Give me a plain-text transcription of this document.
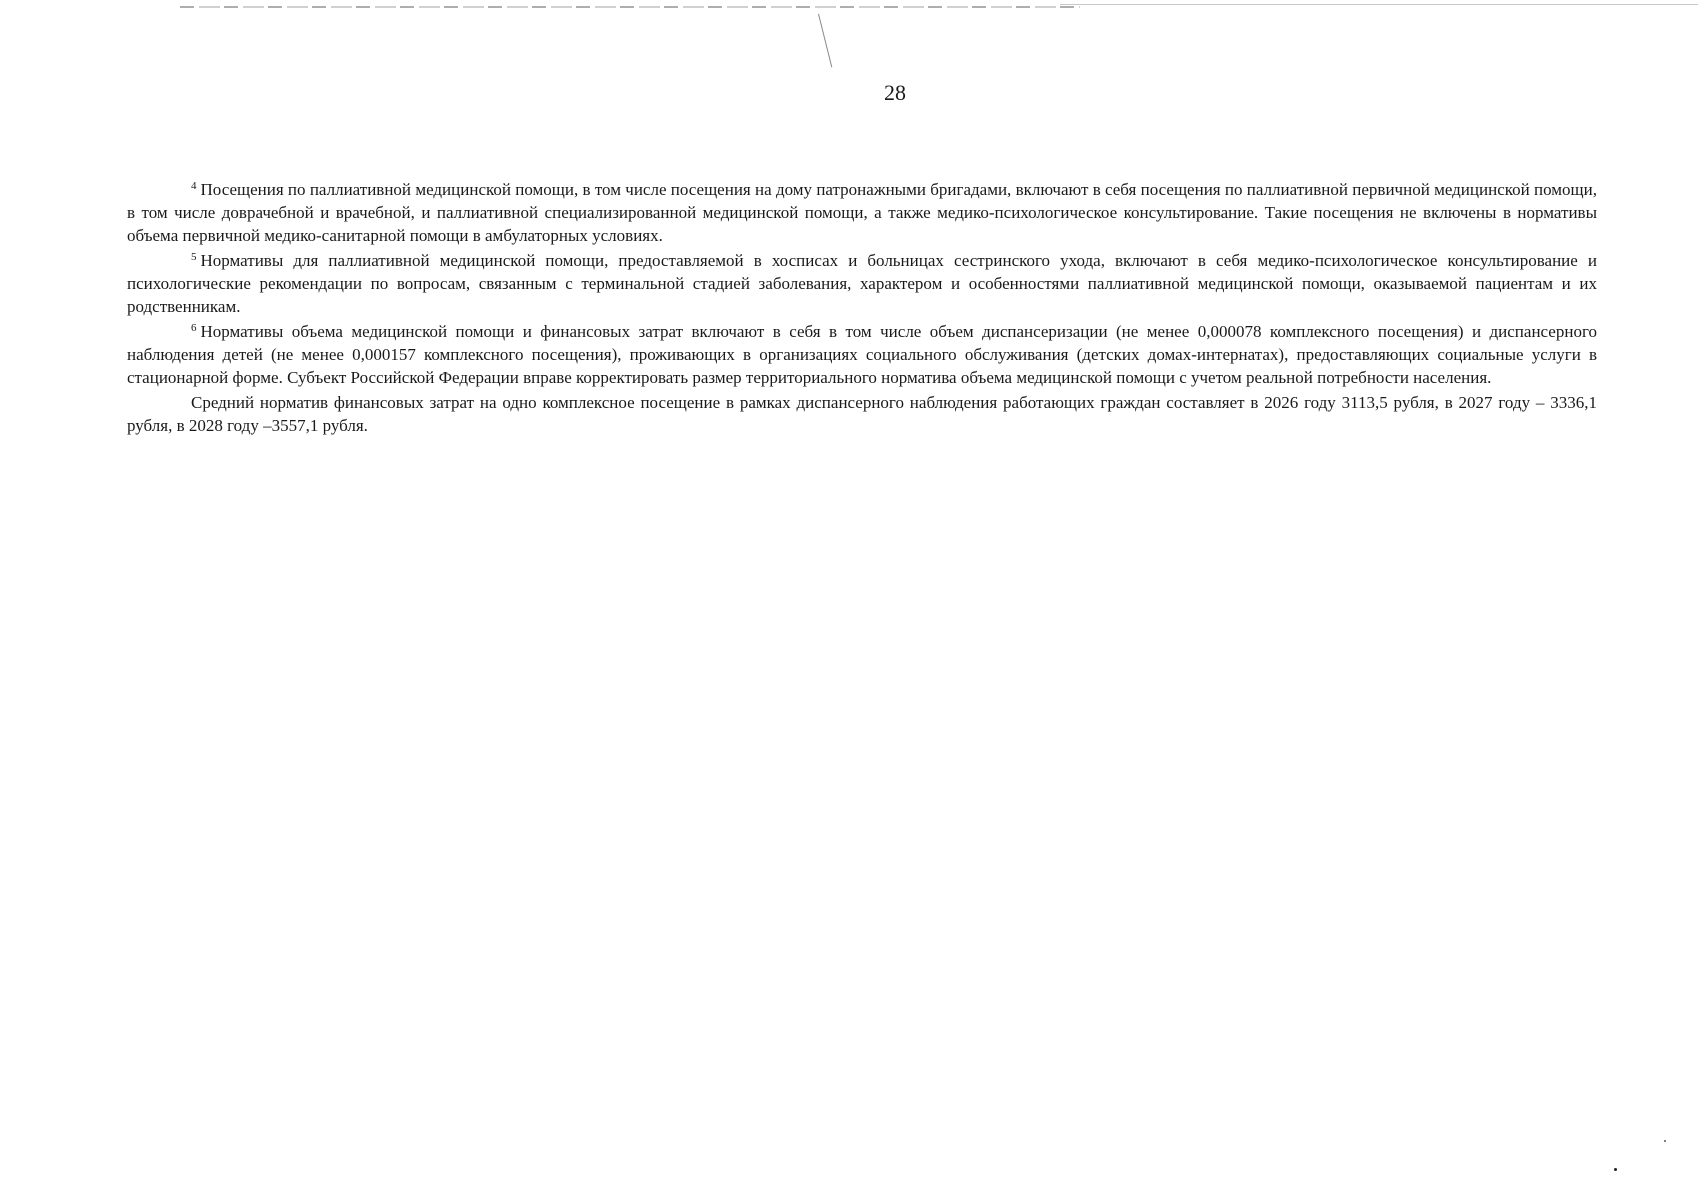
28

$^4$ Посещения по паллиативной медицинской помощи, в том числе посещения на дому патронажными бригадами, включают в себя посещения по паллиативной первичной медицинской помощи, в том числе доврачебной и врачебной, и паллиативной специализированной медицинской помощи, а также медико-психологическое консультирование. Такие посещения не включены в нормативы объема первичной медико-санитарной помощи в амбулаторных условиях.

$^5$ Нормативы для паллиативной медицинской помощи, предоставляемой в хосписах и больницах сестринского ухода, включают в себя медико-психологическое консультирование и психологические рекомендации по вопросам, связанным с терминальной стадией заболевания, характером и особенностями паллиативной медицинской помощи, оказываемой пациентам и их родственникам.

$^6$ Нормативы объема медицинской помощи и финансовых затрат включают в себя в том числе объем диспансеризации (не менее 0,000078 комплексного посещения) и диспансерного наблюдения детей (не менее 0,000157 комплексного посещения), проживающих в организациях социального обслуживания (детских домах-интернатах), предоставляющих социальные услуги в стационарной форме. Субъект Российской Федерации вправе корректировать размер территориального норматива объема медицинской помощи с учетом реальной потребности населения.

Средний норматив финансовых затрат на одно комплексное посещение в рамках диспансерного наблюдения работающих граждан составляет в 2026 году 3113,5 рубля, в 2027 году – 3336,1 рубля, в 2028 году –3557,1 рубля.
